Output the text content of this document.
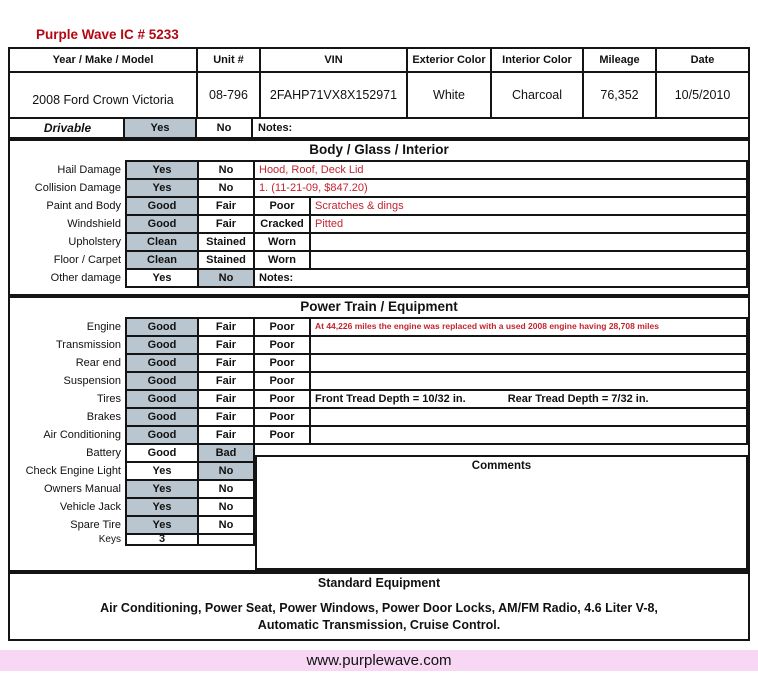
Purple Wave IC # 5233
Year / Make / Model	Unit #	VIN	Exterior Color	Interior Color	Mileage	Date
2008 Ford Crown Victoria	08-796	2FAHP71VX8X152971	White	Charcoal	76,352	10/5/2010
Drivable	Yes	No	Notes:
Body / Glass / Interior
Hail Damage	Yes	No	Hood, Roof, Deck Lid
Collision Damage	Yes	No	1. (11-21-09, $847.20)
Paint and Body	Good	Fair	Poor	Scratches & dings
Windshield	Good	Fair	Cracked	Pitted
Upholstery	Clean	Stained	Worn
Floor / Carpet	Clean	Stained	Worn
Other damage	Yes	No	Notes:
Power Train / Equipment
Engine	Good	Fair	Poor	At 44,226 miles the engine was replaced with a used 2008 engine having 28,708 miles
Transmission	Good	Fair	Poor
Rear end	Good	Fair	Poor
Suspension	Good	Fair	Poor
Tires	Good	Fair	Poor	Front Tread Depth = 10/32 in.	Rear Tread Depth = 7/32 in.
Brakes	Good	Fair	Poor
Air Conditioning	Good	Fair	Poor
Battery	Good	Bad
Check Engine Light	Yes	No
Owners Manual	Yes	No
Vehicle Jack	Yes	No
Spare Tire	Yes	No
Keys	3
Comments
Standard Equipment
Air Conditioning, Power Seat, Power Windows, Power Door Locks, AM/FM Radio, 4.6 Liter V-8,
Automatic Transmission, Cruise Control.
www.purplewave.com
